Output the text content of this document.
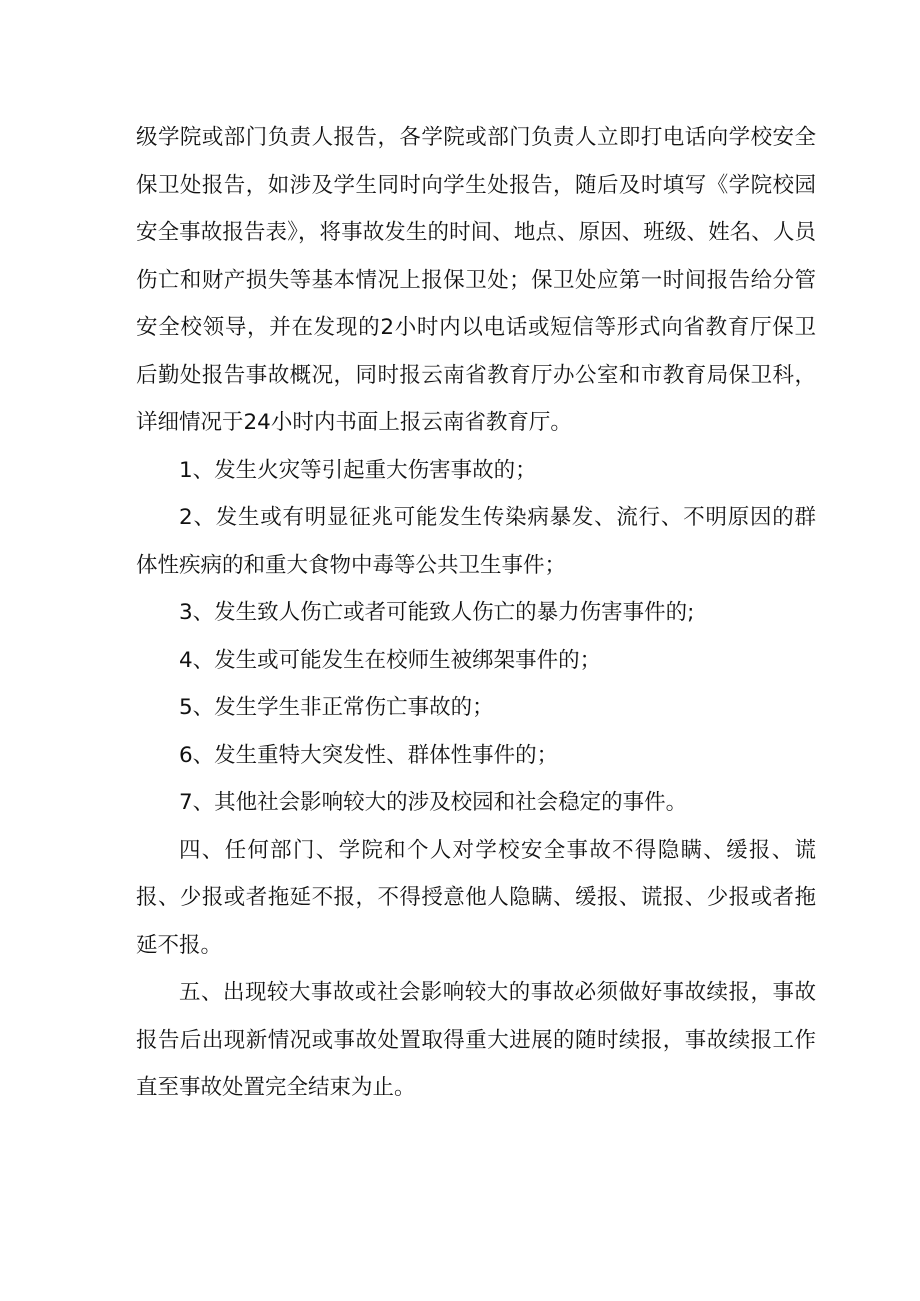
级学院或部门负责人报告，各学院或部门负责人立即打电话向学校安全保卫处报告，如涉及学生同时向学生处报告，随后及时填写《学院校园安全事故报告表》，将事故发生的时间、地点、原因、班级、姓名、人员伤亡和财产损失等基本情况上报保卫处；保卫处应第一时间报告给分管安全校领导，并在发现的2小时内以电话或短信等形式向省教育厅保卫后勤处报告事故概况，同时报云南省教育厅办公室和市教育局保卫科，详细情况于24小时内书面上报云南省教育厅。

1、发生火灾等引起重大伤害事故的；

2、发生或有明显征兆可能发生传染病暴发、流行、不明原因的群体性疾病的和重大食物中毒等公共卫生事件；

3、发生致人伤亡或者可能致人伤亡的暴力伤害事件的;

4、发生或可能发生在校师生被绑架事件的；

5、发生学生非正常伤亡事故的；

6、发生重特大突发性、群体性事件的；

7、其他社会影响较大的涉及校园和社会稳定的事件。

四、任何部门、学院和个人对学校安全事故不得隐瞒、缓报、谎报、少报或者拖延不报，不得授意他人隐瞒、缓报、谎报、少报或者拖延不报。

五、出现较大事故或社会影响较大的事故必须做好事故续报，事故报告后出现新情况或事故处置取得重大进展的随时续报，事故续报工作直至事故处置完全结束为止。
